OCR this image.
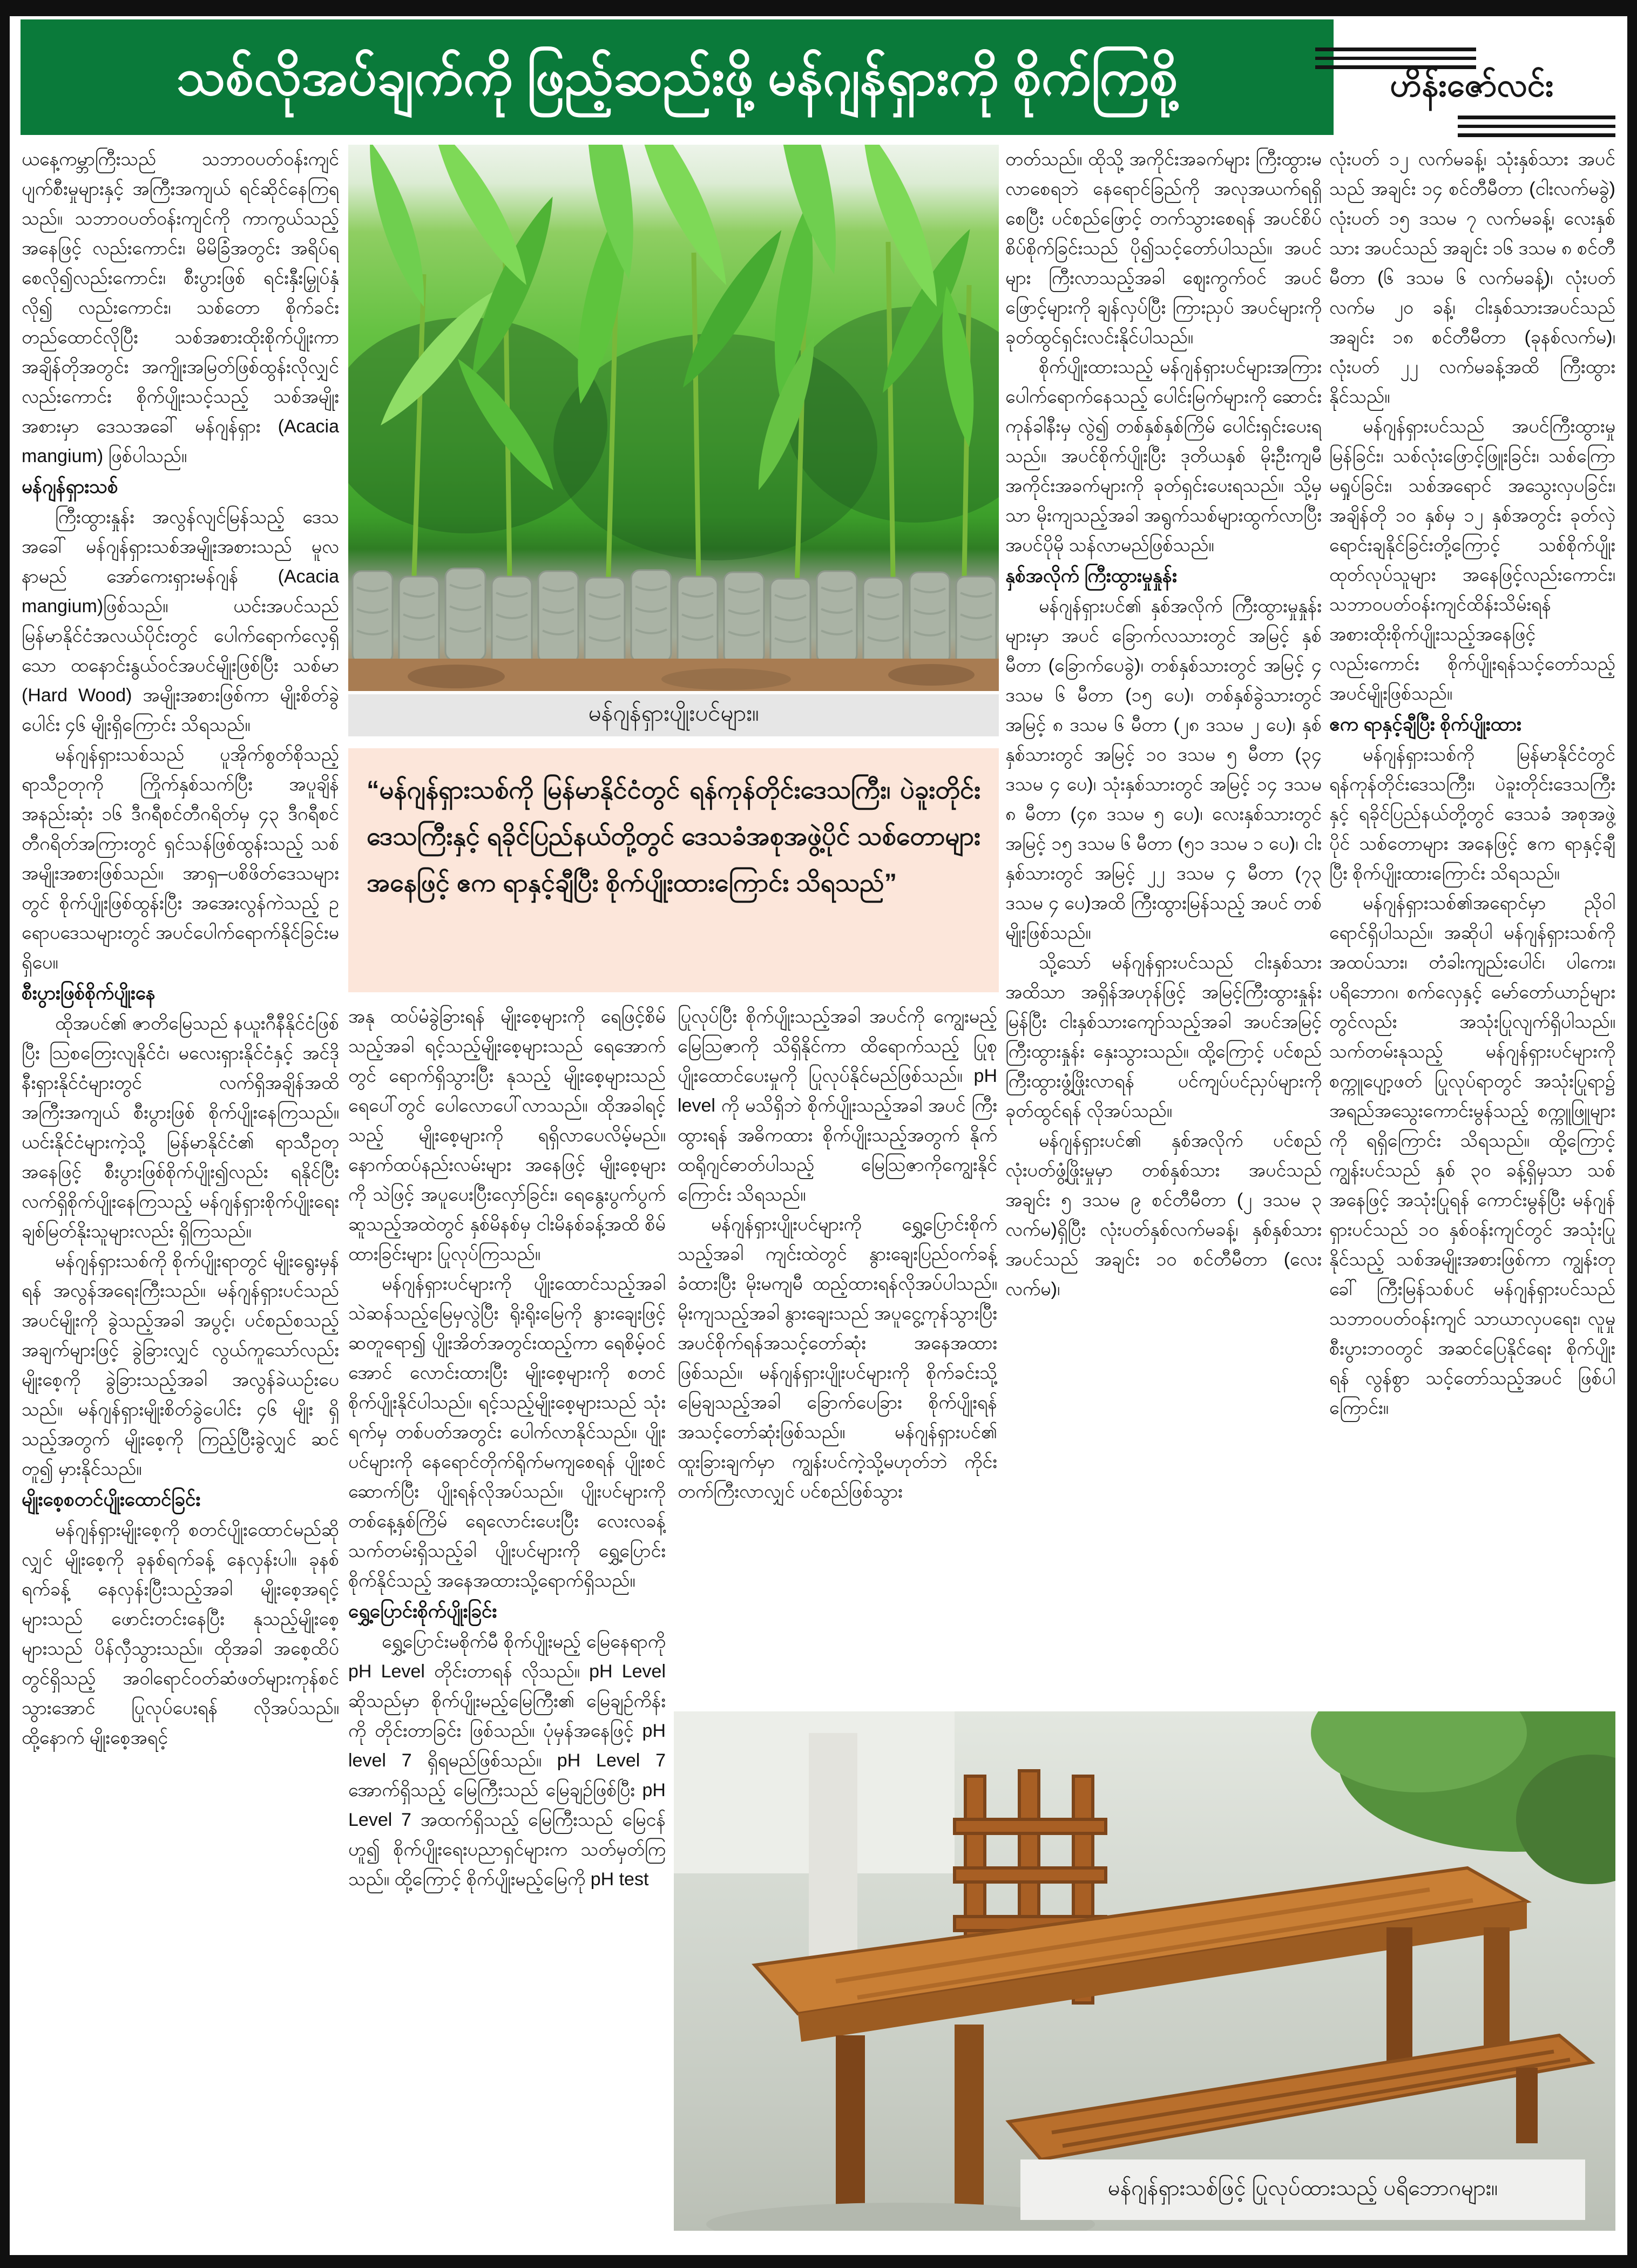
သစ်လိုအပ်ချက်ကို ဖြည့်ဆည်းဖို့ မန်ဂျန်ရှားကို စိုက်ကြစို့	ဟိန်းဇော်လင်း
မန်ဂျန်ရှားပျိုးပင်များ။
“မန်ဂျန်ရှားသစ်ကို မြန်မာနိုင်ငံတွင် ရန်ကုန်တိုင်းဒေသကြီး၊ ပဲခူးတိုင်းဒေသကြီးနှင့် ရခိုင်ပြည်နယ်တို့တွင် ဒေသခံအစုအဖွဲ့ပိုင် သစ်တောများအနေဖြင့် ဧက ရာနှင့်ချီပြီး စိုက်ပျိုးထားကြောင်း သိရသည်”

ယနေ့ကမ္ဘာကြီးသည် သဘာဝပတ်ဝန်းကျင် ပျက်စီးမှုများနှင့် အကြီးအကျယ် ရင်ဆိုင်နေကြရသည်။ သဘာဝပတ်ဝန်းကျင်ကို ကာကွယ်သည့်အနေဖြင့် လည်းကောင်း၊ မိမိခြံအတွင်း အရိပ်ရစေလို၍လည်းကောင်း၊ စီးပွားဖြစ် ရင်းနှီးမြှုပ်နှံလို၍ လည်းကောင်း၊ သစ်တော စိုက်ခင်းတည်ထောင်လိုပြီး သစ်အစားထိုးစိုက်ပျိုးကာ အချိန်တိုအတွင်း အကျိုးအမြတ်ဖြစ်ထွန်းလိုလျှင် လည်းကောင်း စိုက်ပျိုးသင့်သည့် သစ်အမျိုးအစားမှာ ဒေသအခေါ် မန်ဂျန်ရှား (Acacia mangium) ဖြစ်ပါသည်။

မန်ဂျန်ရှားသစ်

ကြီးထွားနှုန်း အလွန်လျင်မြန်သည့် ဒေသအခေါ် မန်ဂျန်ရှားသစ်အမျိုးအစားသည် မူလနာမည် အော်ကေးရှားမန်ဂျန် (Acacia mangium)ဖြစ်သည်။ ယင်းအပင်သည် မြန်မာနိုင်ငံအလယ်ပိုင်းတွင် ပေါက်ရောက်လေ့ရှိသော ထနောင်းနွယ်ဝင်အပင်မျိုးဖြစ်ပြီး သစ်မာ (Hard Wood) အမျိုးအစားဖြစ်ကာ မျိုးစိတ်ခွဲပေါင်း ၄၆ မျိုးရှိကြောင်း သိရသည်။

မန်ဂျန်ရှားသစ်သည် ပူအိုက်စွတ်စိုသည့် ရာသီဥတုကို ကြိုက်နှစ်သက်ပြီး အပူချိန်အနည်းဆုံး ၁၆ ဒီဂရီစင်တီဂရိတ်မှ ၄၃ ဒီဂရီစင်တီဂရိတ်အကြားတွင် ရှင်သန်ဖြစ်ထွန်းသည့် သစ်အမျိုးအစားဖြစ်သည်။ အာရှ–ပစိဖိတ်ဒေသများတွင် စိုက်ပျိုးဖြစ်ထွန်းပြီး အအေးလွန်ကဲသည့် ဥရောပဒေသများတွင် အပင်ပေါက်ရောက်နိုင်ခြင်းမရှိပေ။

စီးပွားဖြစ်စိုက်ပျိုးနေ

ထိုအပင်၏ ဇာတိမြေသည် နယူးဂီနီနိုင်ငံဖြစ်ပြီး သြစတြေးလျနိုင်ငံ၊ မလေးရှားနိုင်ငံနှင့် အင်ဒိုနီးရှားနိုင်ငံများတွင် လက်ရှိအချိန်အထိ အကြီးအကျယ် စီးပွားဖြစ် စိုက်ပျိုးနေကြသည်။ ယင်းနိုင်ငံများကဲ့သို့ မြန်မာနိုင်ငံ၏ ရာသီဥတုအနေဖြင့် စီးပွားဖြစ်စိုက်ပျိုး၍လည်း ရနိုင်ပြီး လက်ရှိစိုက်ပျိုးနေကြသည့် မန်ဂျန်ရှားစိုက်ပျိုးရေး ချစ်မြတ်နိုးသူများလည်း ရှိကြသည်။

မန်ဂျန်ရှားသစ်ကို စိုက်ပျိုးရာတွင် မျိုးရွေးမှန်ရန် အလွန်အရေးကြီးသည်။ မန်ဂျန်ရှားပင်သည် အပင်မျိုးကို ခွဲသည့်အခါ အပွင့်၊ ပင်စည်စသည့်အချက်များဖြင့် ခွဲခြားလျှင် လွယ်ကူသော်လည်း မျိုးစေ့ကို ခွဲခြားသည့်အခါ အလွန်ခဲယဉ်းပေသည်။ မန်ဂျန်ရှားမျိုးစိတ်ခွဲပေါင်း ၄၆ မျိုး ရှိသည့်အတွက် မျိုးစေ့ကို ကြည့်ပြီးခွဲလျှင် ဆင်တူ၍ မှားနိုင်သည်။

မျိုးစေ့စတင်ပျိုးထောင်ခြင်း

မန်ဂျန်ရှားမျိုးစေ့ကို စတင်ပျိုးထောင်မည်ဆိုလျှင် မျိုးစေ့ကို ခုနစ်ရက်ခန့် နေလှန်းပါ။ ခုနစ်ရက်ခန့် နေလှန်းပြီးသည့်အခါ မျိုးစေ့အရင့်များသည် ဖောင်းတင်းနေပြီး နုသည့်မျိုးစေ့များသည် ပိန်လှီသွားသည်။ ထိုအခါ အစေ့ထိပ်တွင်ရှိသည့် အဝါရောင်ဝတ်ဆံဖတ်များကုန်စင်သွားအောင် ပြုလုပ်ပေးရန် လိုအပ်သည်။ ထို့နောက် မျိုးစေ့အရင့်

အနု ထပ်မံခွဲခြားရန် မျိုးစေ့များကို ရေဖြင့်စိမ်သည့်အခါ ရင့်သည့်မျိုးစေ့များသည် ရေအောက်တွင် ရောက်ရှိသွားပြီး နုသည့် မျိုးစေ့များသည် ရေပေါ်တွင် ပေါလောပေါ်လာသည်။ ထိုအခါရင့်သည့် မျိုးစေ့များကို ရရှိလာပေလိမ့်မည်။ နောက်ထပ်နည်းလမ်းများ အနေဖြင့် မျိုးစေ့များကို သဲဖြင့် အပူပေးပြီးလှော်ခြင်း၊ ရေနွေးပွက်ပွက်ဆူသည့်အထဲတွင် နှစ်မိနစ်မှ ငါးမိနစ်ခန့်အထိ စိမ်ထားခြင်းများ ပြုလုပ်ကြသည်။

မန်ဂျန်ရှားပင်များကို ပျိုးထောင်သည့်အခါ သဲဆန်သည့်မြေမှလွဲပြီး ရိုးရိုးမြေကို နွားချေးဖြင့်ဆတူရော၍ ပျိုးအိတ်အတွင်းထည့်ကာ ရေစိမ့်ဝင်အောင် လောင်းထားပြီး မျိုးစေ့များကို စတင်စိုက်ပျိုးနိုင်ပါသည်။ ရင့်သည့်မျိုးစေ့များသည် သုံးရက်မှ တစ်ပတ်အတွင်း ပေါက်လာနိုင်သည်။ ပျိုးပင်များကို နေရောင်တိုက်ရိုက်မကျစေရန် ပျိုးစင်ဆောက်ပြီး ပျိုးရန်လိုအပ်သည်။ ပျိုးပင်များကို တစ်နေ့နှစ်ကြိမ် ရေလောင်းပေးပြီး လေးလခန့်သက်တမ်းရှိသည့်ခါ ပျိုးပင်များကို ရွှေ့ပြောင်းစိုက်နိုင်သည့် အနေအထားသို့ရောက်ရှိသည်။

ရွှေ့ပြောင်းစိုက်ပျိုးခြင်း

ရွှေ့ပြောင်းမစိုက်မီ စိုက်ပျိုးမည့် မြေနေရာကို pH Level တိုင်းတာရန် လိုသည်။ pH Level ဆိုသည်မှာ စိုက်ပျိုးမည့်မြေကြီး၏ မြေချဉ်ကိန်းကို တိုင်းတာခြင်း ဖြစ်သည်။ ပုံမှန်အနေဖြင့် pH level 7 ရှိရမည်ဖြစ်သည်။ pH Level 7 အောက်ရှိသည့် မြေကြီးသည် မြေချဉ်ဖြစ်ပြီး pH Level 7 အထက်ရှိသည့် မြေကြီးသည် မြေငန်ဟူ၍ စိုက်ပျိုးရေးပညာရှင်များက သတ်မှတ်ကြသည်။ ထို့ကြောင့် စိုက်ပျိုးမည့်မြေကို pH test

ပြုလုပ်ပြီး စိုက်ပျိုးသည့်အခါ အပင်ကို ကျွေးမည့် မြေသြဇာကို သိရှိနိုင်ကာ ထိရောက်သည့် ပြုစုပျိုးထောင်ပေးမှုကို ပြုလုပ်နိုင်မည်ဖြစ်သည်။ pH level ကို မသိရှိဘဲ စိုက်ပျိုးသည့်အခါ အပင် ကြီးထွားရန် အဓိကထား စိုက်ပျိုးသည့်အတွက် နိုက်ထရိုဂျင်ဓာတ်ပါသည့် မြေသြဇာကိုကျွေးနိုင်ကြောင်း သိရသည်။

မန်ဂျန်ရှားပျိုးပင်များကို ရွှေ့ပြောင်းစိုက်သည့်အခါ ကျင်းထဲတွင် နွားချေးပြည်ဝက်ခန့်ခံထားပြီး မိုးမကျမီ ထည့်ထားရန်လိုအပ်ပါသည်။ မိုးကျသည့်အခါ နွားချေးသည် အပူငွေ့ကုန်သွားပြီး အပင်စိုက်ရန်အသင့်တော်ဆုံး အနေအထားဖြစ်သည်။ မန်ဂျန်ရှားပျိုးပင်များကို စိုက်ခင်းသို့ မြေချသည့်အခါ ခြောက်ပေခြား စိုက်ပျိုးရန် အသင့်တော်ဆုံးဖြစ်သည်။ မန်ဂျန်ရှားပင်၏ ထူးခြားချက်မှာ ကျွန်းပင်ကဲ့သို့မဟုတ်ဘဲ ကိုင်းတက်ကြီးလာလျှင် ပင်စည်ဖြစ်သွား

တတ်သည်။ ထိုသို့ အကိုင်းအခက်များ ကြီးထွားမလာစေရဘဲ နေရောင်ခြည်ကို အလုအယက်ရရှိစေပြီး ပင်စည်ဖြောင့် တက်သွားစေရန် အပင်စိပ်စိပ်စိုက်ခြင်းသည် ပို၍သင့်တော်ပါသည်။ အပင်များ ကြီးလာသည့်အခါ ဈေးကွက်ဝင် အပင်ဖြောင့်များကို ချန်လှပ်ပြီး ကြားညှပ် အပင်များကို ခုတ်ထွင်ရှင်းလင်းနိုင်ပါသည်။

စိုက်ပျိုးထားသည့် မန်ဂျန်ရှားပင်များအကြား ပေါက်ရောက်နေသည့် ပေါင်းမြက်များကို ဆောင်းကုန်ခါနီးမှ လွဲ၍ တစ်နှစ်နှစ်ကြိမ် ပေါင်းရှင်းပေးရသည်။ အပင်စိုက်ပျိုးပြီး ဒုတိယနှစ် မိုးဦးကျမီ အကိုင်းအခက်များကို ခုတ်ရှင်းပေးရသည်။ သို့မှသာ မိုးကျသည့်အခါ အရွက်သစ်များထွက်လာပြီး အပင်ပိုမို သန်လာမည်ဖြစ်သည်။

နှစ်အလိုက် ကြီးထွားမှုနှုန်း

မန်ဂျန်ရှားပင်၏ နှစ်အလိုက် ကြီးထွားမှုနှုန်းများမှာ အပင် ခြောက်လသားတွင် အမြင့် နှစ်မီတာ (ခြောက်ပေခွဲ)၊ တစ်နှစ်သားတွင် အမြင့် ၄ ဒသမ ၆ မီတာ (၁၅ ပေ)၊ တစ်နှစ်ခွဲသားတွင် အမြင့် ၈ ဒသမ ၆ မီတာ (၂၈ ဒသမ ၂ ပေ)၊ နှစ်နှစ်သားတွင် အမြင့် ၁၀ ဒသမ ၅ မီတာ (၃၄ ဒသမ ၄ ပေ)၊ သုံးနှစ်သားတွင် အမြင့် ၁၄ ဒသမ ၈ မီတာ (၄၈ ဒသမ ၅ ပေ)၊ လေးနှစ်သားတွင် အမြင့် ၁၅ ဒသမ ၆ မီတာ (၅၁ ဒသမ ၁ ပေ)၊ ငါးနှစ်သားတွင် အမြင့် ၂၂ ဒသမ ၄ မီတာ (၇၃ ဒသမ ၄ ပေ)အထိ ကြီးထွားမြန်သည့် အပင် တစ်မျိုးဖြစ်သည်။

သို့သော် မန်ဂျန်ရှားပင်သည် ငါးနှစ်သားအထိသာ အရှိန်အဟုန်ဖြင့် အမြင့်ကြီးထွားနှုန်းမြန်ပြီး ငါးနှစ်သားကျော်သည့်အခါ အပင်အမြင့်ကြီးထွားနှုန်း နှေးသွားသည်။ ထို့ကြောင့် ပင်စည်ကြီးထွားဖွံ့ဖြိုးလာရန် ပင်ကျပ်ပင်ညှပ်များကို ခုတ်ထွင်ရန် လိုအပ်သည်။

မန်ဂျန်ရှားပင်၏ နှစ်အလိုက် ပင်စည်လုံးပတ်ဖွံ့ဖြိုးမှုမှာ တစ်နှစ်သား အပင်သည် အချင်း ၅ ဒသမ ၉ စင်တီမီတာ (၂ ဒသမ ၃ လက်မ)ရှိပြီး လုံးပတ်နှစ်လက်မခန့်၊ နှစ်နှစ်သား အပင်သည် အချင်း ၁၀ စင်တီမီတာ (လေးလက်မ)၊

လုံးပတ် ၁၂ လက်မခန့်၊ သုံးနှစ်သား အပင်သည် အချင်း ၁၄ စင်တီမီတာ (ငါးလက်မခွဲ) လုံးပတ် ၁၅ ဒသမ ၇ လက်မခန့်၊ လေးနှစ်သား အပင်သည် အချင်း ၁၆ ဒသမ ၈ စင်တီမီတာ (၆ ဒသမ ၆ လက်မခန့်)၊ လုံးပတ် လက်မ ၂၀ ခန့်၊ ငါးနှစ်သားအပင်သည် အချင်း ၁၈ စင်တီမီတာ (ခုနစ်လက်မ)၊ လုံးပတ် ၂၂ လက်မခန့်အထိ ကြီးထွားနိုင်သည်။

မန်ဂျန်ရှားပင်သည် အပင်ကြီးထွားမှုမြန်ခြင်း၊ သစ်လုံးဖြောင့်ဖြူးခြင်း၊ သစ်ကြောမရှုပ်ခြင်း၊ သစ်အရောင် အသွေးလှပခြင်း၊ အချိန်တို ၁၀ နှစ်မှ ၁၂ နှစ်အတွင်း ခုတ်လှဲရောင်းချနိုင်ခြင်းတို့ကြောင့် သစ်စိုက်ပျိုးထုတ်လုပ်သူများ အနေဖြင့်လည်းကောင်း၊ သဘာဝပတ်ဝန်းကျင်ထိန်းသိမ်းရန် အစားထိုးစိုက်ပျိုးသည့်အနေဖြင့် လည်းကောင်း စိုက်ပျိုးရန်သင့်တော်သည့် အပင်မျိုးဖြစ်သည်။

ဧက ရာနှင့်ချီပြီး စိုက်ပျိုးထား

မန်ဂျန်ရှားသစ်ကို မြန်မာနိုင်ငံတွင် ရန်ကုန်တိုင်းဒေသကြီး၊ ပဲခူးတိုင်းဒေသကြီးနှင့် ရခိုင်ပြည်နယ်တို့တွင် ဒေသခံ အစုအဖွဲ့ပိုင် သစ်တောများ အနေဖြင့် ဧက ရာနှင့်ချီပြီး စိုက်ပျိုးထားကြောင်း သိရသည်။

မန်ဂျန်ရှားသစ်၏အရောင်မှာ ညိုဝါရောင်ရှိပါသည်။ အဆိုပါ မန်ဂျန်ရှားသစ်ကို အထပ်သား၊ တံခါးကျည်းပေါင်၊ ပါကေး၊ ပရိဘောဂ၊ စက်လှေနှင့် မော်တော်ယာဉ်များတွင်လည်း အသုံးပြုလျက်ရှိပါသည်။ သက်တမ်းနုသည့် မန်ဂျန်ရှားပင်များကို စက္ကူပျော့ဖတ် ပြုလုပ်ရာတွင် အသုံးပြုရာ၌ အရည်အသွေးကောင်းမွန်သည့် စက္ကူဖြူများကို ရရှိကြောင်း သိရသည်။ ထို့ကြောင့် ကျွန်းပင်သည် နှစ် ၃၀ ခန့်ရှိမှသာ သစ်အနေဖြင့် အသုံးပြုရန် ကောင်းမွန်ပြီး မန်ဂျန်ရှားပင်သည် ၁၀ နှစ်ဝန်းကျင်တွင် အသုံးပြုနိုင်သည့် သစ်အမျိုးအစားဖြစ်ကာ ကျွန်းတုခေါ် ကြီးမြန်သစ်ပင် မန်ဂျန်ရှားပင်သည် သဘာဝပတ်ဝန်းကျင် သာယာလှပရေး၊ လူမှုစီးပွားဘဝတွင် အဆင်ပြေနိုင်ရေး စိုက်ပျိုးရန် လွန်စွာ သင့်တော်သည့်အပင် ဖြစ်ပါကြောင်း။

မန်ဂျန်ရှားသစ်ဖြင့် ပြုလုပ်ထားသည့် ပရိဘောဂများ။
